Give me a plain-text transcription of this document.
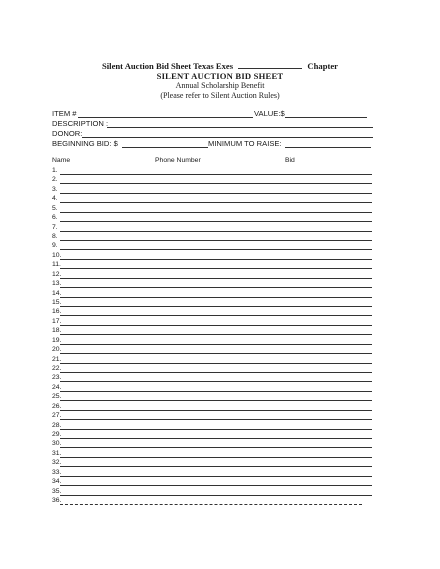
Silent Auction Bid Sheet Texas Exes	Chapter
SILENT AUCTION BID SHEET
Annual Scholarship Benefit
(Please refer to Silent Auction Rules)
ITEM #	VALUE:$
DESCRIPTION :
DONOR:
BEGINNING BID: $	MINIMUM TO RAISE:
Name	Phone Number	Bid
1.
2.
3.
4.
5.
6.
7.
8.
9.
10.
11.
12.
13.
14.
15.
16.
17.
18.
19.
20.
21.
22.
23.
24.
25.
26.
27.
28.
29.
30.
31.
32.
33.
34.
35.
36.
